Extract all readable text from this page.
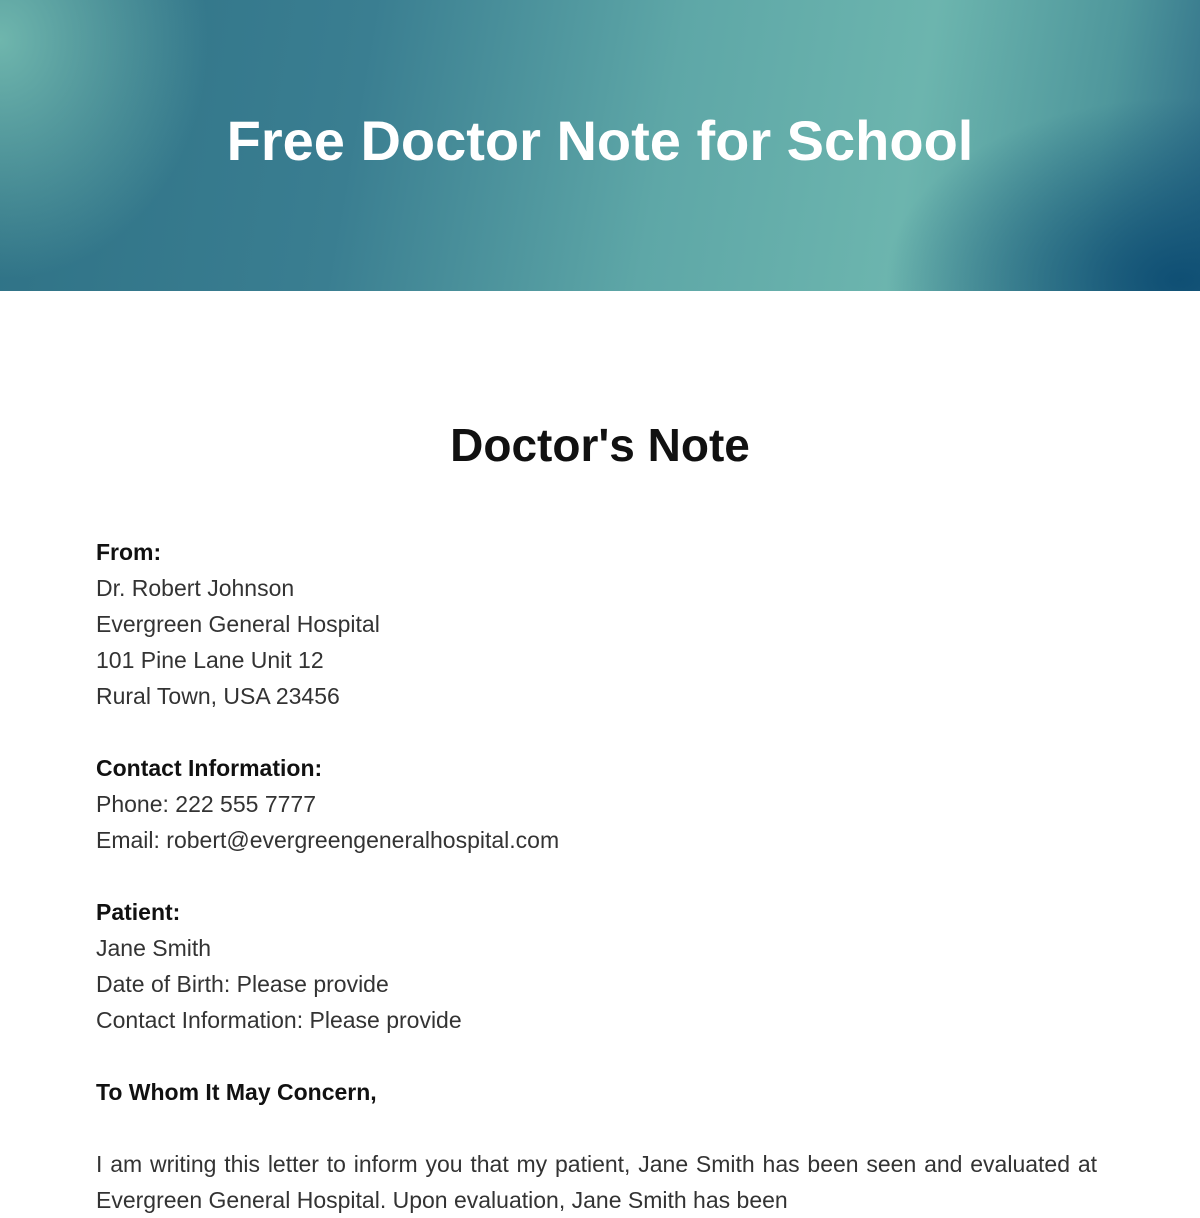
Free Doctor Note for School
Doctor's Note
From:
Dr. Robert Johnson
Evergreen General Hospital
101 Pine Lane Unit 12
Rural Town, USA 23456
Contact Information:
Phone: 222 555 7777
Email: robert@evergreengeneralhospital.com
Patient:
Jane Smith
Date of Birth: Please provide
Contact Information: Please provide
To Whom It May Concern,
I am writing this letter to inform you that my patient, Jane Smith has been seen and evaluated at Evergreen General Hospital. Upon evaluation, Jane Smith has been
